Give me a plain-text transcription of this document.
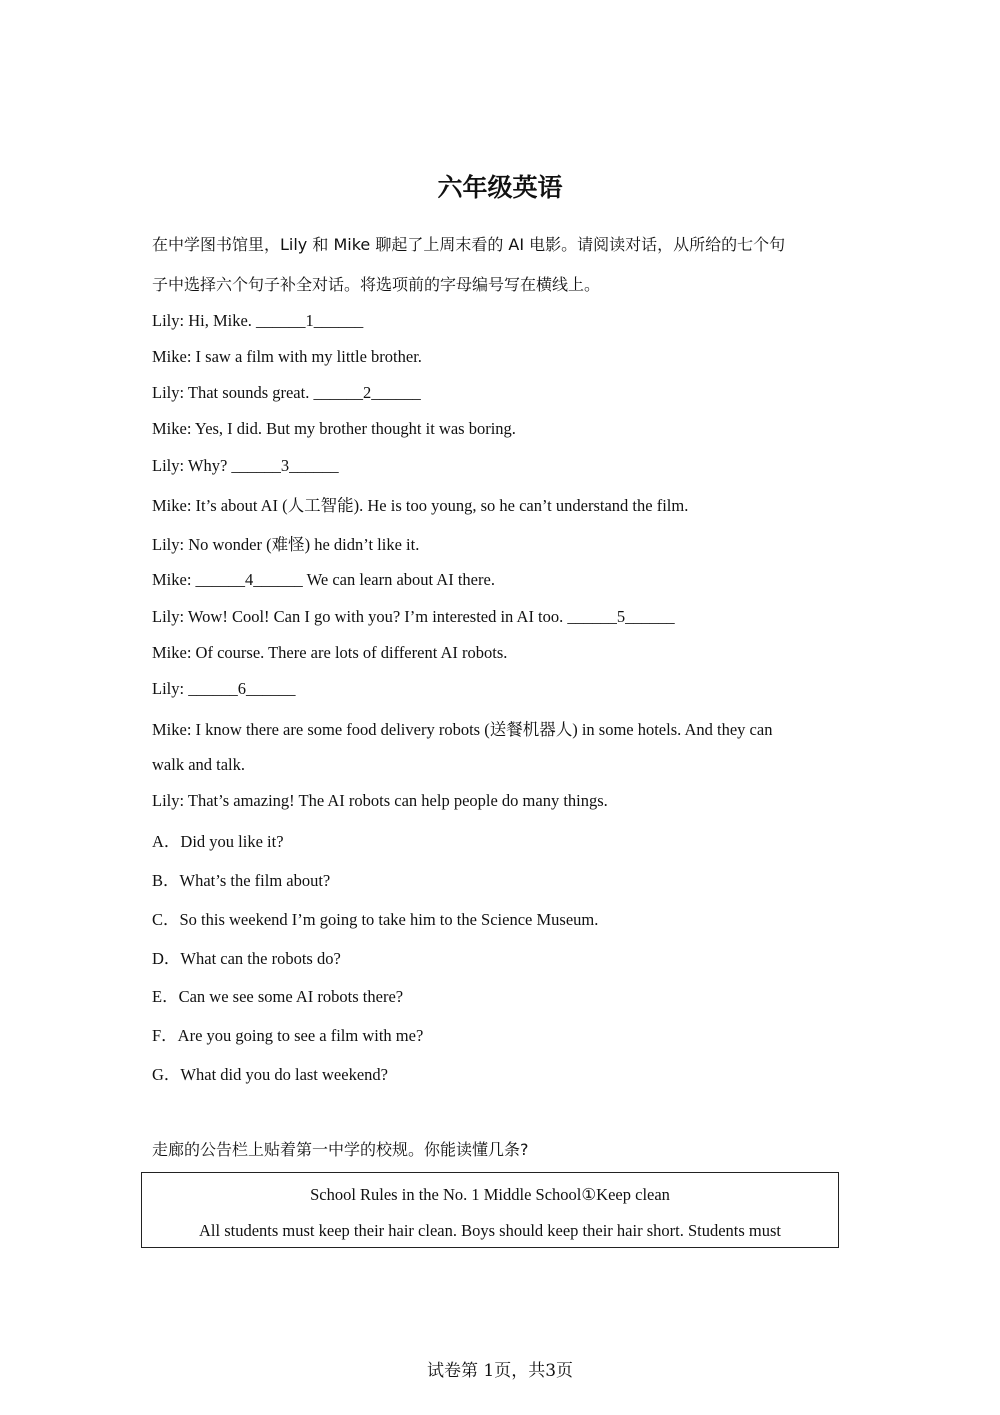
六年级英语
在中学图书馆里，Lily 和 Mike 聊起了上周末看的 AI 电影。请阅读对话，从所给的七个句
子中选择六个句子补全对话。将选项前的字母编号写在横线上。
Lily: Hi, Mike. ______1______
Mike: I saw a film with my little brother.
Lily: That sounds great. ______2______
Mike: Yes, I did. But my brother thought it was boring.
Lily: Why? ______3______
Mike: It’s about AI (人工智能). He is too young, so he can’t understand the film.
Lily: No wonder (难怪) he didn’t like it.
Mike: ______4______ We can learn about AI there.
Lily: Wow! Cool! Can I go with you? I’m interested in AI too. ______5______
Mike: Of course. There are lots of different AI robots.
Lily: ______6______
Mike: I know there are some food delivery robots (送餐机器人) in some hotels. And they can
walk and talk.
Lily: That’s amazing! The AI robots can help people do many things.
A．Did you like it?
B．What’s the film about?
C．So this weekend I’m going to take him to the Science Museum.
D．What can the robots do?
E．Can we see some AI robots there?
F．Are you going to see a film with me?
G．What did you do last weekend?
走廊的公告栏上贴着第一中学的校规。你能读懂几条?
School Rules in the No. 1 Middle School①Keep clean
All students must keep their hair clean. Boys should keep their hair short. Students must
试卷第 1页，共3页
